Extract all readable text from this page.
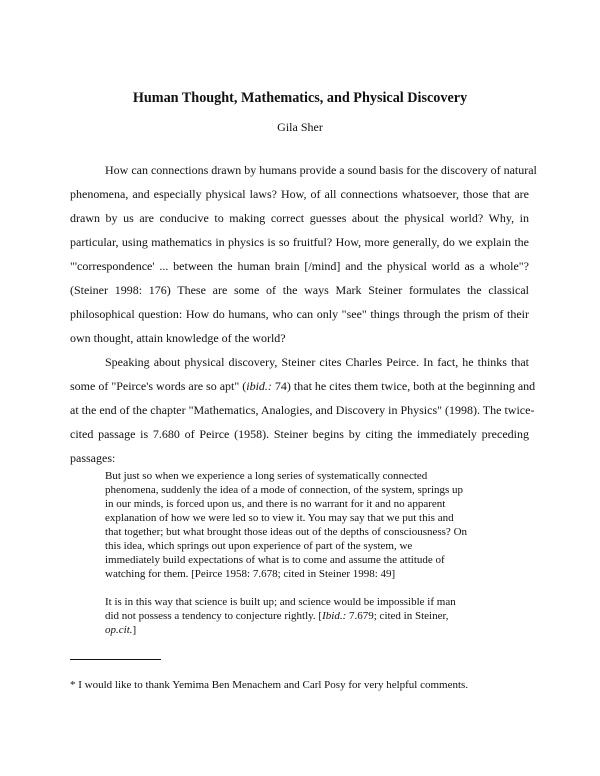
Human Thought, Mathematics, and Physical Discovery
Gila Sher

How can connections drawn by humans provide a sound basis for the discovery of natural

phenomena, and especially physical laws? How, of all connections whatsoever, those that are

drawn by us are conducive to making correct guesses about the physical world? Why, in

particular, using mathematics in physics is so fruitful? How, more generally, do we explain the

"'correspondence' ... between the human brain [/mind] and the physical world as a whole"?

(Steiner 1998: 176) These are some of the ways Mark Steiner formulates the classical

philosophical question: How do humans, who can only "see" things through the prism of their

own thought, attain knowledge of the world?

Speaking about physical discovery, Steiner cites Charles Peirce. In fact, he thinks that

some of "Peirce's words are so apt" (ibid.: 74) that he cites them twice, both at the beginning and

at the end of the chapter "Mathematics, Analogies, and Discovery in Physics" (1998). The twice-

cited passage is 7.680 of Peirce (1958). Steiner begins by citing the immediately preceding

passages:

But just so when we experience a long series of systematically connected

phenomena, suddenly the idea of a mode of connection, of the system, springs up

in our minds, is forced upon us, and there is no warrant for it and no apparent

explanation of how we were led so to view it. You may say that we put this and

that together; but what brought those ideas out of the depths of consciousness? On

this idea, which springs out upon experience of part of the system, we

immediately build expectations of what is to come and assume the attitude of

watching for them. [Peirce 1958: 7.678; cited in Steiner 1998: 49]

It is in this way that science is built up; and science would be impossible if man

did not possess a tendency to conjecture rightly. [Ibid.: 7.679; cited in Steiner,

op.cit.]

* I would like to thank Yemima Ben Menachem and Carl Posy for very helpful comments.
